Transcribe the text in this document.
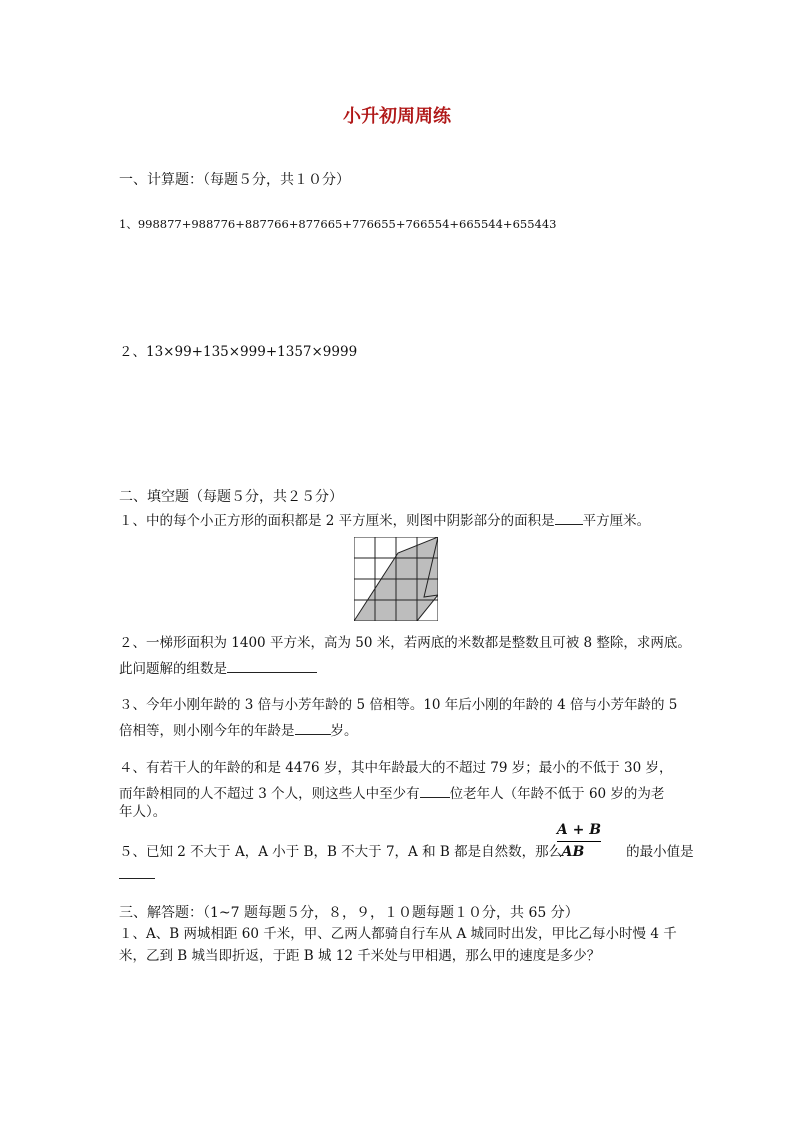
小升初周周练
一、计算题：（每题５分，共１０分）
1、998877+988776+887766+877665+776655+766554+665544+655443
２、13×99+135×999+1357×9999
二、填空题（每题５分，共２５分）
１、中的每个小正方形的面积都是 2 平方厘米，则图中阴影部分的面积是 平方厘米。
２、一梯形面积为 1400 平方米，高为 50 米，若两底的米数都是整数且可被 8 整除，求两底。
此问题解的组数是
３、今年小刚年龄的 3 倍与小芳年龄的 5 倍相等。10 年后小刚的年龄的 4 倍与小芳年龄的 5
倍相等，则小刚今年的年龄是	岁。
４、有若干人的年龄的和是 4476 岁，其中年龄最大的不超过 79 岁；最小的不低于 30 岁，
而年龄相同的人不超过 3 个人，则这些人中至少有 位老年人（年龄不低于 60 岁的为老
年人）。
５、已知 2 不大于 A，A 小于 B，B 不大于 7，A 和 B 都是自然数，那么	的最小值是
A + B
AB
三、解答题：（1~7 题每题５分，８，９，１０题每题１０分，共 65 分）
１、A、B 两城相距 60 千米，甲、乙两人都骑自行车从 A 城同时出发，甲比乙每小时慢 4 千
米，乙到 B 城当即折返，于距 B 城 12 千米处与甲相遇，那么甲的速度是多少？
